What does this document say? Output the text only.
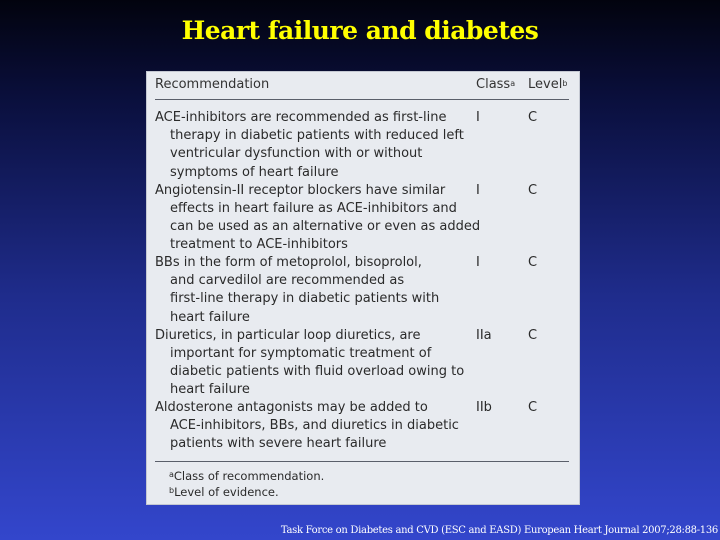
Heart failure and diabetes
Recommendation	Class$^a$ Level$^b$
ACE-inhibitors are recommended as first-line
therapy in diabetic patients with reduced left
ventricular dysfunction with or without
symptoms of heart failure
I	C
Angiotensin-II receptor blockers have similar
effects in heart failure as ACE-inhibitors and
can be used as an alternative or even as added
treatment to ACE-inhibitors
I	C
BBs in the form of metoprolol, bisoprolol,
and carvedilol are recommended as
first-line therapy in diabetic patients with
heart failure
I	C
Diuretics, in particular loop diuretics, are
important for symptomatic treatment of
diabetic patients with fluid overload owing to
heart failure
IIa	C
Aldosterone antagonists may be added to
ACE-inhibitors, BBs, and diuretics in diabetic
patients with severe heart failure
IIb	C
$^a$Class of recommendation.
$^b$Level of evidence.
Task Force on Diabetes and CVD (ESC and EASD) European Heart Journal 2007;28:88-136
